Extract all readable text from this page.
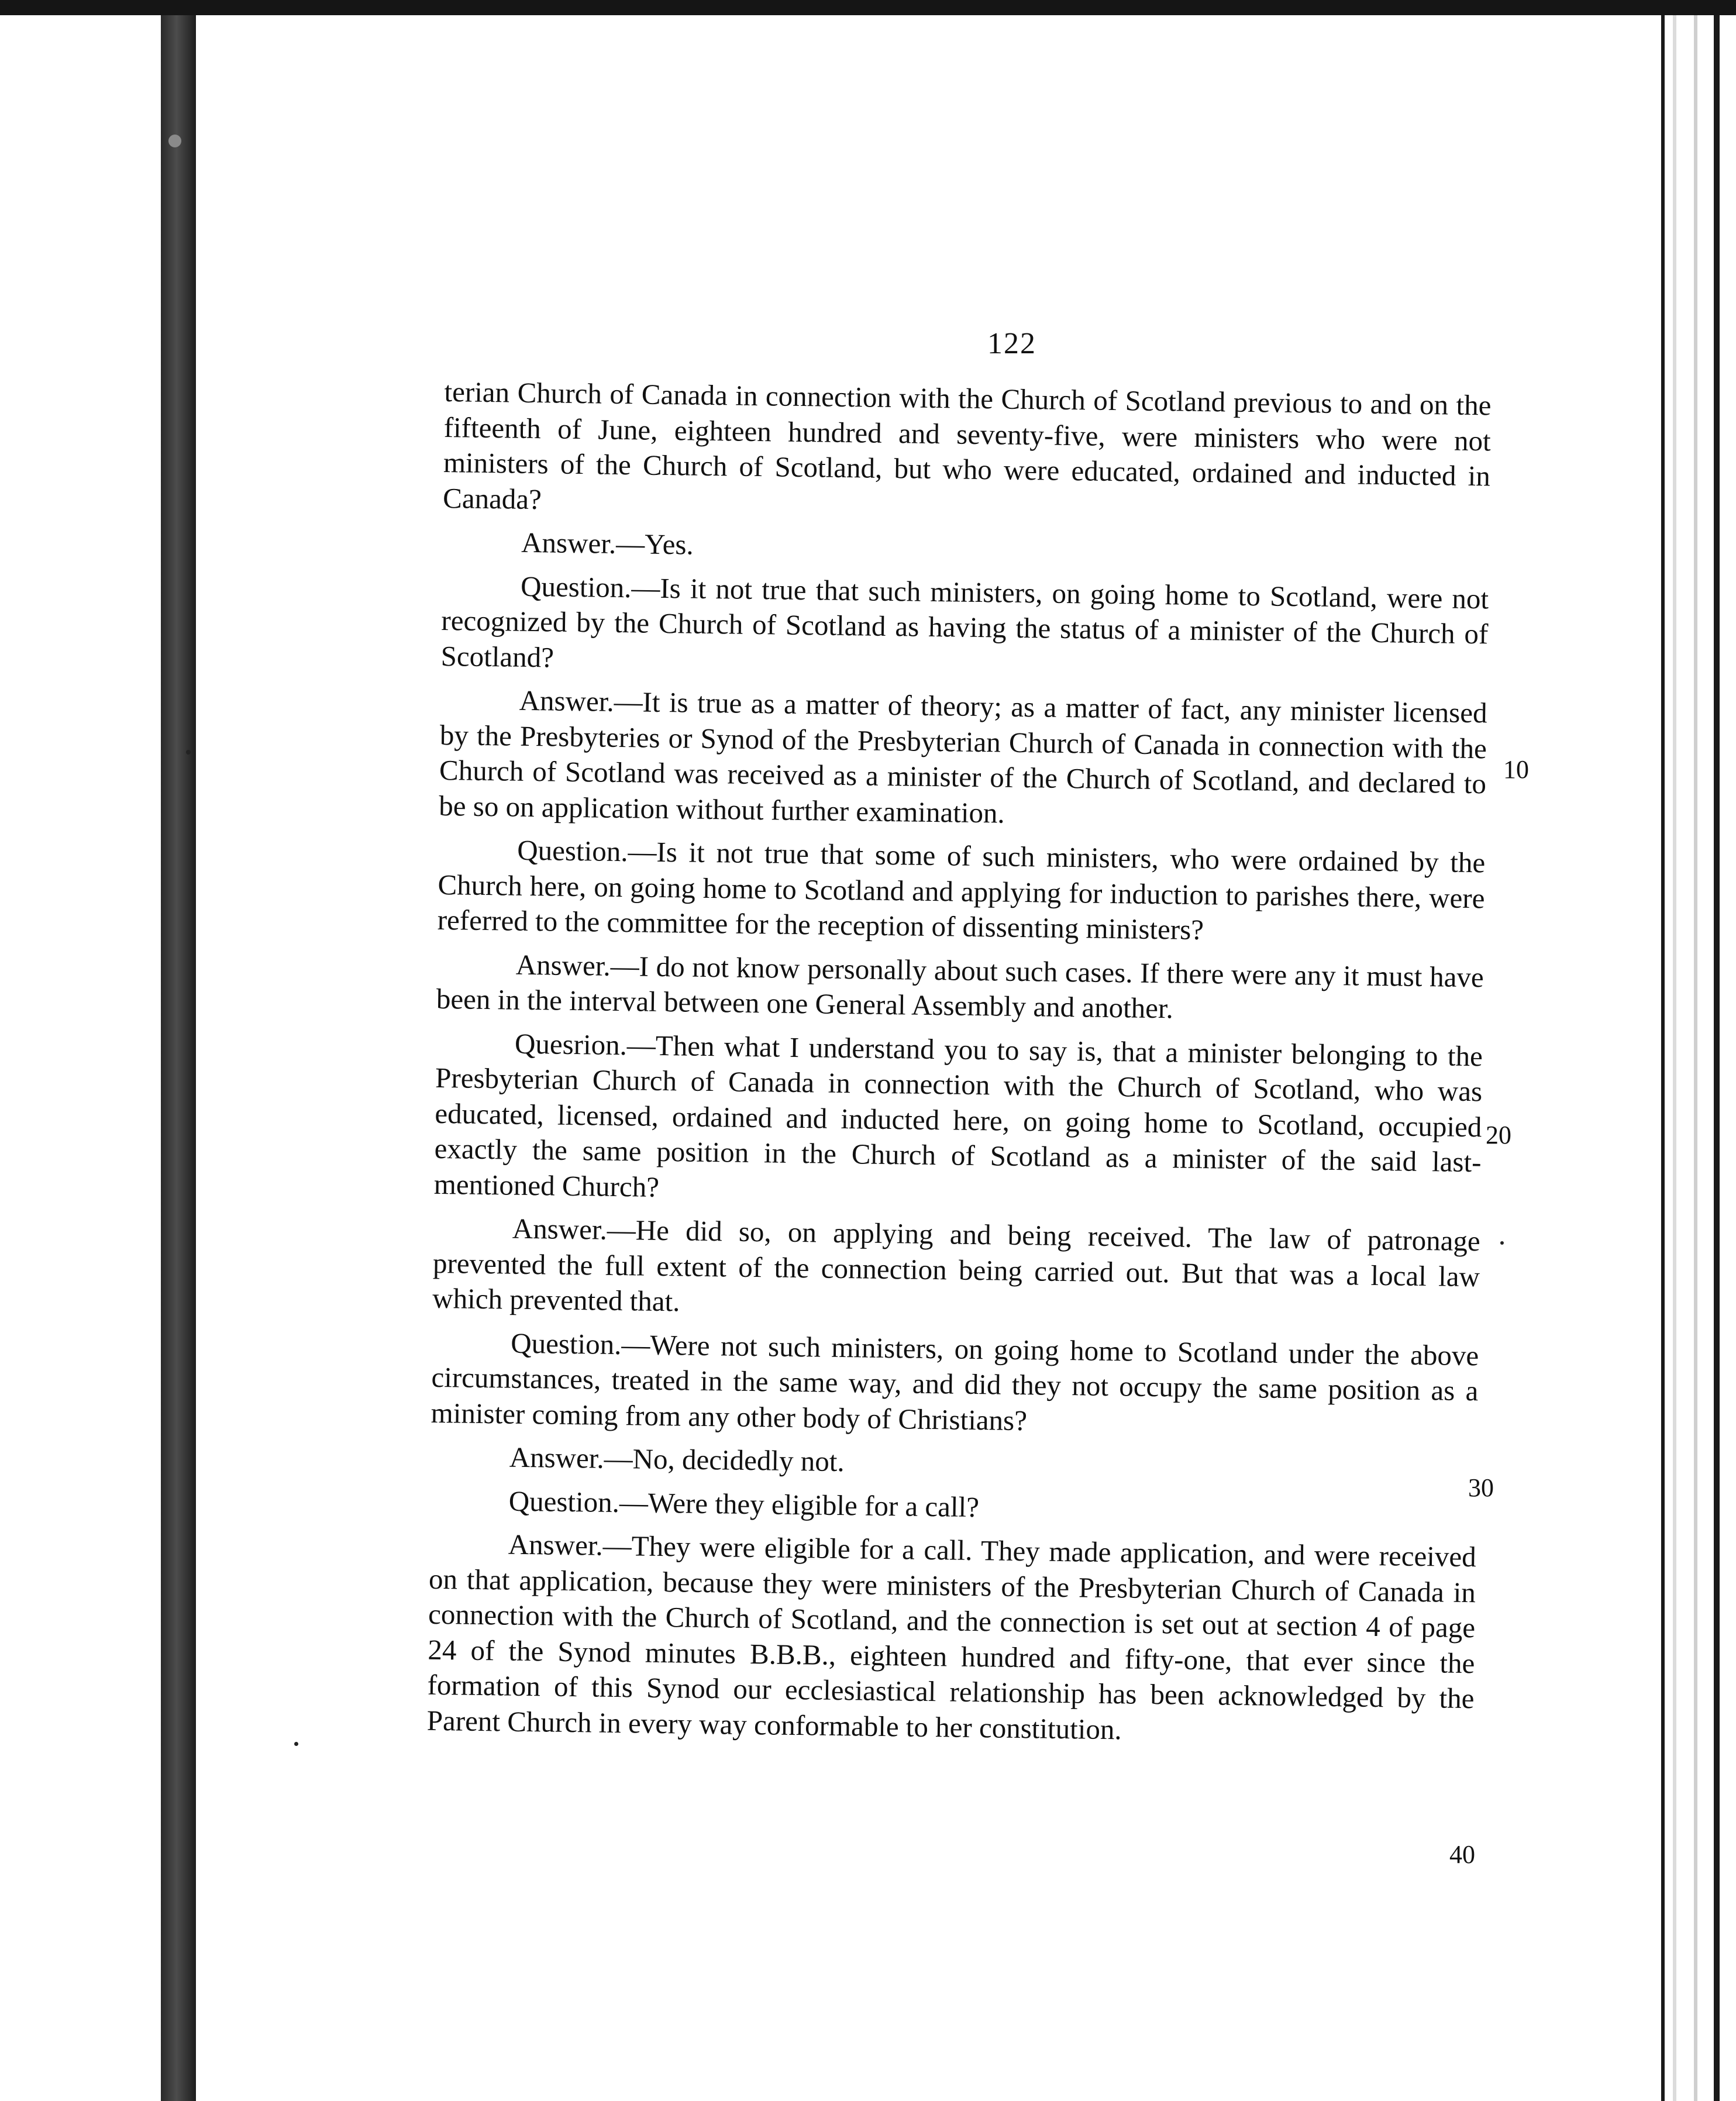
122

terian Church of Canada in connection with the Church of Scotland previous to and on the fifteenth of June, eighteen hundred and seventy-five, were ministers who were not ministers of the Church of Scotland, but who were educated, ordained and inducted in Canada?

Answer.—Yes.

Question.—Is it not true that such ministers, on going home to Scotland, were not recognized by the Church of Scotland as having the status of a minister of the Church of Scotland?

Answer.—It is true as a matter of theory; as a matter of fact, any minister licensed by the Presbyteries or Synod of the Presbyterian Church of Canada in connection with the Church of Scotland was received as a minister of the Church of Scotland, and declared to be so on application without further examination.

Question.—Is it not true that some of such ministers, who were ordained by the Church here, on going home to Scotland and applying for induction to parishes there, were referred to the committee for the reception of dissenting ministers?

Answer.—I do not know personally about such cases. If there were any it must have been in the interval between one General Assembly and another.

Quesrion.—Then what I understand you to say is, that a minister belonging to the Presbyterian Church of Canada in connection with the Church of Scotland, who was educated, licensed, ordained and inducted here, on going home to Scotland, occupied exactly the same position in the Church of Scotland as a minister of the said last-mentioned Church?

Answer.—He did so, on applying and being received. The law of patronage prevented the full extent of the connection being carried out. But that was a local law which prevented that.

Question.—Were not such ministers, on going home to Scotland under the above circumstances, treated in the same way, and did they not occupy the same position as a minister coming from any other body of Christians?

Answer.—No, decidedly not.

Question.—Were they eligible for a call?

Answer.—They were eligible for a call. They made application, and were received on that application, because they were ministers of the Presbyterian Church of Canada in connection with the Church of Scotland, and the connection is set out at section 4 of page 24 of the Synod minutes B.B.B., eighteen hundred and fifty-one, that ever since the formation of this Synod our ecclesiastical relationship has been acknowledged by the Parent Church in every way conformable to her constitution.

10
20
30
40
